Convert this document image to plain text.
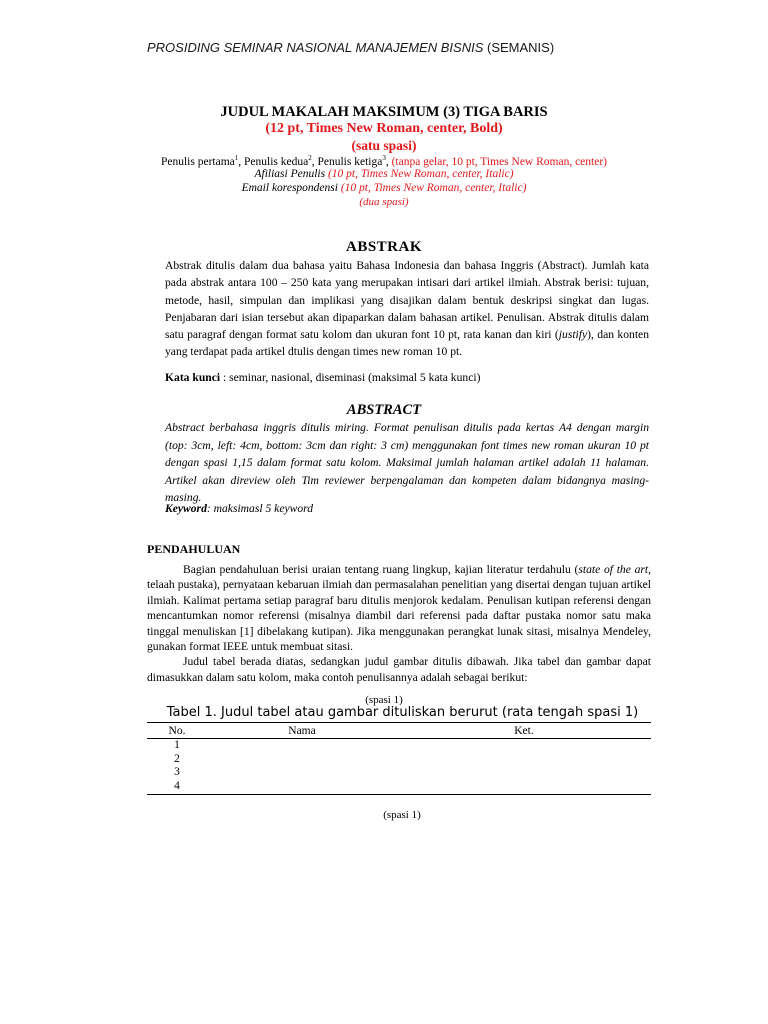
PROSIDING SEMINAR NASIONAL MANAJEMEN BISNIS (SEMANIS)
JUDUL MAKALAH MAKSIMUM (3) TIGA BARIS
(12 pt, Times New Roman, center, Bold)
(satu spasi)
Penulis pertama$^1$, Penulis kedua$^2$, Penulis ketiga$^3$, (tanpa gelar, 10 pt, Times New Roman, center)
Afiliasi Penulis (10 pt, Times New Roman, center, Italic)
Email korespondensi (10 pt, Times New Roman, center, Italic)
(dua spasi)
ABSTRAK
Abstrak ditulis dalam dua bahasa yaitu Bahasa Indonesia dan bahasa Inggris (Abstract). Jumlah kata pada abstrak antara 100 – 250 kata yang merupakan intisari dari artikel ilmiah. Abstrak berisi: tujuan, metode, hasil, simpulan dan implikasi yang disajikan dalam bentuk deskripsi singkat dan lugas. Penjabaran dari isian tersebut akan dipaparkan dalam bahasan artikel. Penulisan. Abstrak ditulis dalam satu paragraf dengan format satu kolom dan ukuran font 10 pt, rata kanan dan kiri (justify), dan konten yang terdapat pada artikel dtulis dengan times new roman 10 pt.
Kata kunci : seminar, nasional, diseminasi (maksimal 5 kata kunci)
ABSTRACT
Abstract berbahasa inggris ditulis miring. Format penulisan ditulis pada kertas A4 dengan margin (top: 3cm, left: 4cm, bottom: 3cm dan right: 3 cm) menggunakan font times new roman ukuran 10 pt dengan spasi 1,15 dalam format satu kolom. Maksimal jumlah halaman artikel adalah 11 halaman. Artikel akan direview oleh Tim reviewer berpengalaman dan kompeten dalam bidangnya masing-masing.
Keyword: maksimasl 5 keyword
PENDAHULUAN

Bagian pendahuluan berisi uraian tentang ruang lingkup, kajian literatur terdahulu (state of the art, telaah pustaka), pernyataan kebaruan ilmiah dan permasalahan penelitian yang disertai dengan tujuan artikel ilmiah. Kalimat pertama setiap paragraf baru ditulis menjorok kedalam. Penulisan kutipan referensi dengan mencantumkan nomor referensi (misalnya diambil dari referensi pada daftar pustaka nomor satu maka tinggal menuliskan [1] dibelakang kutipan). Jika menggunakan perangkat lunak sitasi, misalnya Mendeley, gunakan format IEEE untuk membuat sitasi.

Judul tabel berada diatas, sedangkan judul gambar ditulis dibawah. Jika tabel dan gambar dapat dimasukkan dalam satu kolom, maka contoh penulisannya adalah sebagai berikut:

(spasi 1)
Tabel 1. Judul tabel atau gambar dituliskan berurut (rata tengah spasi 1)
No.	Nama	Ket.
1		
2		
3		
4		
(spasi 1)
